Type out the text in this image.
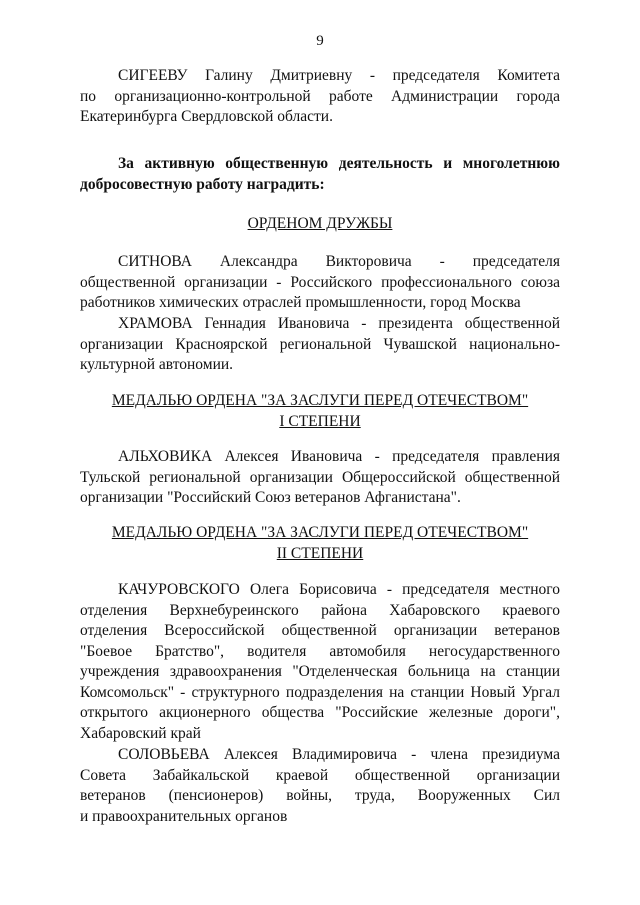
9
СИГЕЕВУ Галину Дмитриевну - председателя Комитета
по организационно-контрольной работе Администрации города
Екатеринбурга Свердловской области.
За активную общественную деятельность и многолетнюю
добросовестную работу наградить:
ОРДЕНОМ ДРУЖБЫ
СИТНОВА Александра Викторовича - председателя
общественной организации - Российского профессионального союза
работников химических отраслей промышленности, город Москва
ХРАМОВА Геннадия Ивановича - президента общественной
организации Красноярской региональной Чувашской национально-
культурной автономии.
МЕДАЛЬЮ ОРДЕНА "ЗА ЗАСЛУГИ ПЕРЕД ОТЕЧЕСТВОМ"
I СТЕПЕНИ
АЛЬХОВИКА Алексея Ивановича - председателя правления
Тульской региональной организации Общероссийской общественной
организации "Российский Союз ветеранов Афганистана".
МЕДАЛЬЮ ОРДЕНА "ЗА ЗАСЛУГИ ПЕРЕД ОТЕЧЕСТВОМ"
II СТЕПЕНИ
КАЧУРОВСКОГО Олега Борисовича - председателя местного
отделения Верхнебуреинского района Хабаровского краевого
отделения Всероссийской общественной организации ветеранов
"Боевое Братство", водителя автомобиля негосударственного
учреждения здравоохранения "Отделенческая больница на станции
Комсомольск" - структурного подразделения на станции Новый Ургал
открытого акционерного общества "Российские железные дороги",
Хабаровский край
СОЛОВЬЕВА Алексея Владимировича - члена президиума
Совета Забайкальской краевой общественной организации
ветеранов (пенсионеров) войны, труда, Вооруженных Сил
и правоохранительных органов
